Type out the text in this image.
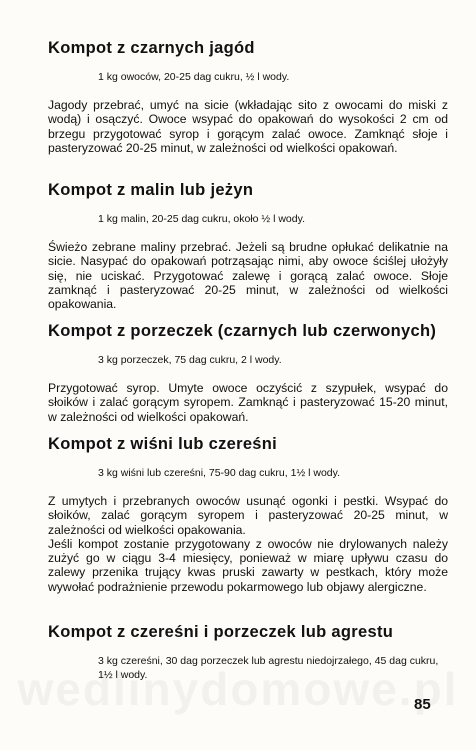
Kompot z czarnych jagód
1 kg owoców, 20-25 dag cukru, ½ l wody.

Jagody przebrać, umyć na sicie (wkładając sito z owocami do miski z wodą) i osączyć. Owoce wsypać do opakowań do wysokości 2 cm od brzegu przygotować syrop i gorącym zalać owoce. Zamknąć słoje i pasteryzować 20-25 minut, w zależności od wielkości opakowań.

Kompot z malin lub jeżyn
1 kg malin, 20-25 dag cukru, około ½ l wody.

Świeżo zebrane maliny przebrać. Jeżeli są brudne opłukać delikatnie na sicie. Nasypać do opakowań potrząsając nimi, aby owoce ściślej ułożyły się, nie uciskać. Przygotować zalewę i gorącą zalać owoce. Słoje zamknąć i pasteryzować 20-25 minut, w zależności od wielkości opakowania.

Kompot z porzeczek (czarnych lub czerwonych)
3 kg porzeczek, 75 dag cukru, 2 l wody.

Przygotować syrop. Umyte owoce oczyścić z szypułek, wsypać do słoików i zalać gorącym syropem. Zamknąć i pasteryzować 15-20 minut, w zależności od wielkości opakowań.

Kompot z wiśni lub czereśni
3 kg wiśni lub czereśni, 75-90 dag cukru, 1½ l wody.

Z umytych i przebranych owoców usunąć ogonki i pestki. Wsypać do słoików, zalać gorącym syropem i pasteryzować 20-25 minut, w zależności od wielkości opakowania.

Jeśli kompot zostanie przygotowany z owoców nie drylowanych należy zużyć go w ciągu 3-4 miesięcy, ponieważ w miarę upływu czasu do zalewy przenika trujący kwas pruski zawarty w pestkach, który może wywołać podrażnienie przewodu pokarmowego lub objawy alergiczne.

Kompot z czereśni i porzeczek lub agrestu
3 kg czereśni, 30 dag porzeczek lub agrestu niedojrzałego, 45 dag cukru, 1½ l wody.
85
